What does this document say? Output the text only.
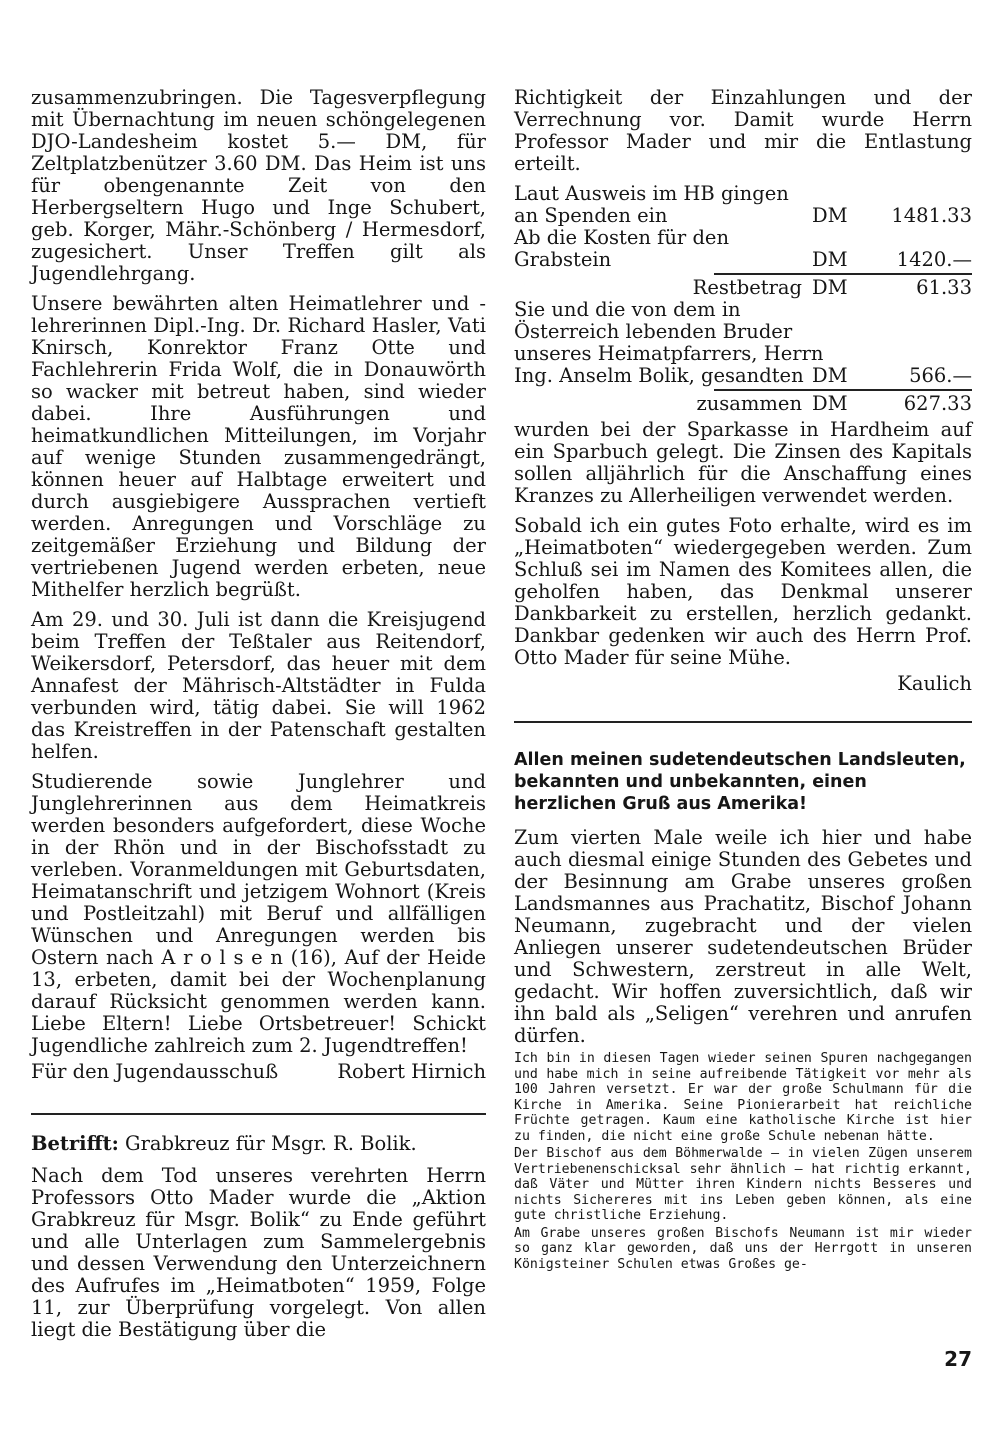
zusammenzubringen. Die Tagesverpflegung mit Übernachtung im neuen schöngelegenen DJO-Landesheim kostet 5.— DM, für Zeltplatzbenützer 3.60 DM. Das Heim ist uns für obengenannte Zeit von den Herbergseltern Hugo und Inge Schubert, geb. Korger, Mähr.-Schönberg / Hermesdorf, zugesichert. Unser Treffen gilt als Jugendlehrgang.

Unsere bewährten alten Heimatlehrer und -lehrerinnen Dipl.-Ing. Dr. Richard Hasler, Vati Knirsch, Konrektor Franz Otte und Fachlehrerin Frida Wolf, die in Donauwörth so wacker mit betreut haben, sind wieder dabei. Ihre Ausführungen und heimatkundlichen Mitteilungen, im Vorjahr auf wenige Stunden zusammengedrängt, können heuer auf Halbtage erweitert und durch ausgiebigere Aussprachen vertieft werden. Anregungen und Vorschläge zu zeitgemäßer Erziehung und Bildung der vertriebenen Jugend werden erbeten, neue Mithelfer herzlich begrüßt.

Am 29. und 30. Juli ist dann die Kreisjugend beim Treffen der Teßtaler aus Reitendorf, Weikersdorf, Petersdorf, das heuer mit dem Annafest der Mährisch-Altstädter in Fulda verbunden wird, tätig dabei. Sie will 1962 das Kreistreffen in der Patenschaft gestalten helfen.

Studierende sowie Junglehrer und Junglehrerinnen aus dem Heimatkreis werden besonders aufgefordert, diese Woche in der Rhön und in der Bischofsstadt zu verleben. Voranmeldungen mit Geburtsdaten, Heimatanschrift und jetzigem Wohnort (Kreis und Postleitzahl) mit Beruf und allfälligen Wünschen und Anregungen werden bis Ostern nach A r o l s e n (16), Auf der Heide 13, erbeten, damit bei der Wochenplanung darauf Rücksicht genommen werden kann. Liebe Eltern! Liebe Ortsbetreuer! Schickt Jugendliche zahlreich zum 2. Jugendtreffen!

Für den Jugendausschuß	Robert Hirnich
Betrifft: Grabkreuz für Msgr. R. Bolik.

Nach dem Tod unseres verehrten Herrn Professors Otto Mader wurde die „Aktion Grabkreuz für Msgr. Bolik“ zu Ende geführt und alle Unterlagen zum Sammelergebnis und dessen Verwendung den Unterzeichnern des Aufrufes im „Heimatboten“ 1959, Folge 11, zur Überprüfung vorgelegt. Von allen liegt die Bestätigung über die

Richtigkeit der Einzahlungen und der Verrechnung vor. Damit wurde Herrn Professor Mader und mir die Entlastung erteilt.

Laut Ausweis im HB gingen
an Spenden ein	DM	1481.33
Ab die Kosten für den
Grabstein	DM	1420.—
Restbetrag DM	61.33
Sie und die von dem in
Österreich lebenden Bruder
unseres Heimatpfarrers, Herrn
Ing. Anselm Bolik, gesandten DM	566.—
zusammen DM	627.33

wurden bei der Sparkasse in Hardheim auf ein Sparbuch gelegt. Die Zinsen des Kapitals sollen alljährlich für die Anschaffung eines Kranzes zu Allerheiligen verwendet werden.

Sobald ich ein gutes Foto erhalte, wird es im „Heimatboten“ wiedergegeben werden. Zum Schluß sei im Namen des Komitees allen, die geholfen haben, das Denkmal unserer Dankbarkeit zu erstellen, herzlich gedankt. Dankbar gedenken wir auch des Herrn Prof. Otto Mader für seine Mühe.

Kaulich
Allen meinen sudetendeutschen Landsleuten, bekannten und unbekannten, einen herzlichen Gruß aus Amerika!

Zum vierten Male weile ich hier und habe auch diesmal einige Stunden des Gebetes und der Besinnung am Grabe unseres großen Landsmannes aus Prachatitz, Bischof Johann Neumann, zugebracht und der vielen Anliegen unserer sudetendeutschen Brüder und Schwestern, zerstreut in alle Welt, gedacht. Wir hoffen zuversichtlich, daß wir ihn bald als „Seligen“ verehren und anrufen dürfen.

Ich bin in diesen Tagen wieder seinen Spuren nachgegangen und habe mich in seine aufreibende Tätigkeit vor mehr als 100 Jahren versetzt. Er war der große Schulmann für die Kirche in Amerika. Seine Pionierarbeit hat reichliche Früchte getragen. Kaum eine katholische Kirche ist hier zu finden, die nicht eine große Schule nebenan hätte.

Der Bischof aus dem Böhmerwalde — in vielen Zügen unserem Vertriebenenschicksal sehr ähnlich — hat richtig erkannt, daß Väter und Mütter ihren Kindern nichts Besseres und nichts Sichereres mit ins Leben geben können, als eine gute christliche Erziehung.

Am Grabe unseres großen Bischofs Neumann ist mir wieder so ganz klar geworden, daß uns der Herrgott in unseren Königsteiner Schulen etwas Großes ge-

27
